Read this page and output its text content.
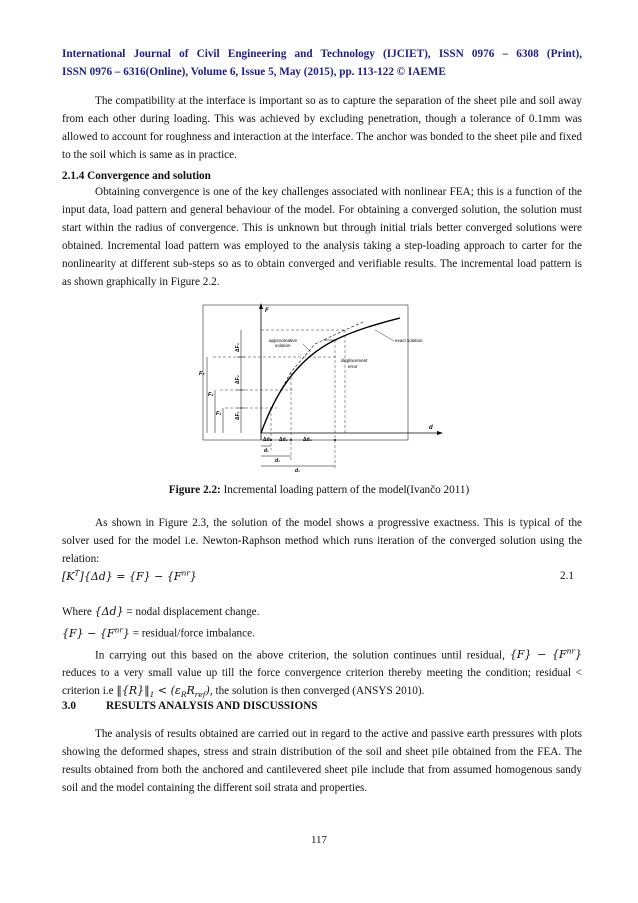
International Journal of Civil Engineering and Technology (IJCIET), ISSN 0976 – 6308 (Print),
ISSN 0976 – 6316(Online), Volume 6, Issue 5, May (2015), pp. 113-122 © IAEME

The compatibility at the interface is important so as to capture the separation of the sheet pile and soil away from each other during loading. This was achieved by excluding penetration, though a tolerance of 0.1mm was allowed to account for roughness and interaction at the interface. The anchor was bonded to the sheet pile and fixed to the soil which is same as in practice.

2.1.4 Convergence and solution

Obtaining convergence is one of the key challenges associated with nonlinear FEA; this is a function of the input data, load pattern and general behaviour of the model. For obtaining a converged solution, the solution must start within the radius of convergence. This is unknown but through initial trials better converged solutions were obtained. Incremental load pattern was employed to the analysis taking a step-loading approach to carter for the nonlinearity at different sub-steps so as to obtain converged and verifiable results. The incremental load pattern is as shown graphically in Figure 2.2.

F
d
F₃
F₂
F₁
ΔF₃
ΔF₂
ΔF₁
Δd₁ Δd₂	Δd₃
d₁
d₂
d₃
approximative
solution
exact solution
displacement
error
Figure 2.2: Incremental loading pattern of the model(Ivančo 2011)

As shown in Figure 2.3, the solution of the model shows a progressive exactness. This is typical of the solver used for the model i.e. Newton-Raphson method which runs iteration of the converged solution using the relation:

$[K^T]\{\Delta d\} = \{F\} - \{F^{nr}\}$	2.1

Where {Δd} = nodal displacement change.

$\{F\} - \{F^{nr}\}$ = residual/force imbalance.

In carrying out this based on the above criterion, the solution continues until residual, $\{F\} - \{F^{nr}\}$ reduces to a very small value up till the force convergence criterion thereby meeting the condition; residual < criterion i.e $‖\{R\}‖_1 < (\varepsilon_RR_{ref})$, the solution is then converged (ANSYS 2010).

3.0	RESULTS ANALYSIS AND DISCUSSIONS

The analysis of results obtained are carried out in regard to the active and passive earth pressures with plots showing the deformed shapes, stress and strain distribution of the soil and sheet pile obtained from the FEA. The results obtained from both the anchored and cantilevered sheet pile include that from assumed homogenous sandy soil and the model containing the different soil strata and properties.

117
